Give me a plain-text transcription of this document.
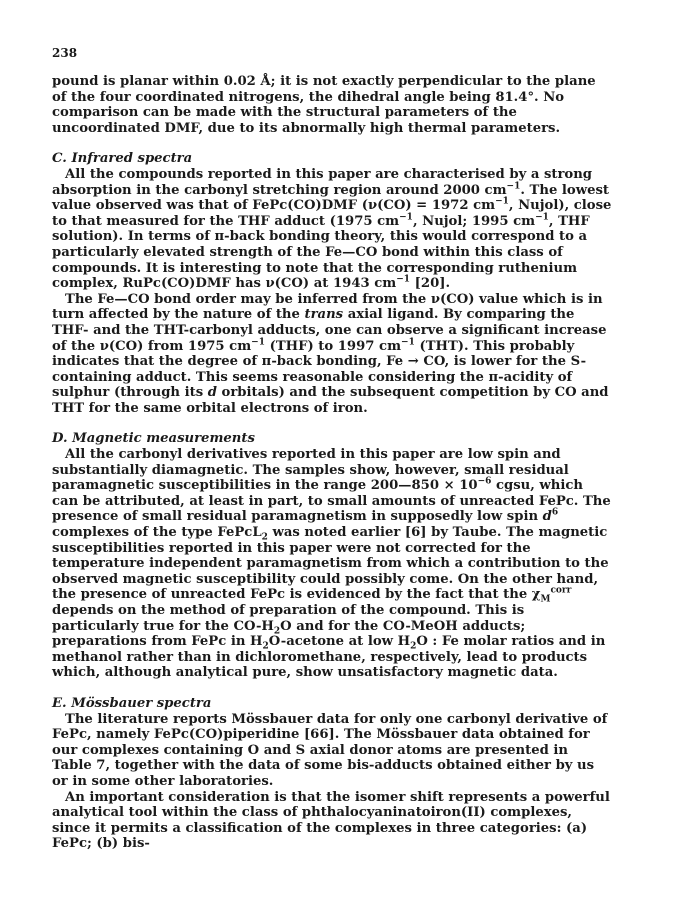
238

pound is planar within 0.02 Å; it is not exactly perpendicular to the plane of the four coordinated nitrogens, the dihedral angle being 81.4°. No comparison can be made with the structural parameters of the uncoordinated DMF, due to its abnormally high thermal parameters.

C. Infrared spectra

All the compounds reported in this paper are characterised by a strong absorption in the carbonyl stretching region around 2000 $cm^{-1}$. The lowest value observed was that of FePc(CO)DMF (ν(CO) = 1972 $cm^{-1}$, Nujol), close to that measured for the THF adduct (1975 $cm^{-1}$, Nujol; 1995 $cm^{-1}$, THF solution). In terms of π-back bonding theory, this would correspond to a particularly elevated strength of the Fe—CO bond within this class of compounds. It is interesting to note that the corresponding ruthenium complex, RuPc(CO)DMF has ν(CO) at 1943 $cm^{-1}$ [20].

The Fe—CO bond order may be inferred from the ν(CO) value which is in turn affected by the nature of the trans axial ligand. By comparing the THF- and the THT-carbonyl adducts, one can observe a significant increase of the ν(CO) from 1975 $cm^{-1}$ (THF) to 1997 $cm^{-1}$ (THT). This probably indicates that the degree of π-back bonding, Fe → CO, is lower for the S-containing adduct. This seems reasonable considering the π-acidity of sulphur (through its d orbitals) and the subsequent competition by CO and THT for the same orbital electrons of iron.

D. Magnetic measurements

All the carbonyl derivatives reported in this paper are low spin and substantially diamagnetic. The samples show, however, small residual paramagnetic susceptibilities in the range 200—850 × $10^{-6}$ cgsu, which can be attributed, at least in part, to small amounts of unreacted FePc. The presence of small residual paramagnetism in supposedly low spin $d^6$ complexes of the type FePcL$_2$ was noted earlier [6] by Taube. The magnetic susceptibilities reported in this paper were not corrected for the temperature independent paramagnetism from which a contribution to the observed magnetic susceptibility could possibly come. On the other hand, the presence of unreacted FePc is evidenced by the fact that the $\chi_M^{corr}$ depends on the method of preparation of the compound. This is particularly true for the $CO-H_2O$ and for the CO-MeOH adducts; preparations from FePc in $H_2O$-acetone at low $H_2O$ : Fe molar ratios and in methanol rather than in dichloromethane, respectively, lead to products which, although analytical pure, show unsatisfactory magnetic data.

E. Mössbauer spectra

The literature reports Mössbauer data for only one carbonyl derivative of FePc, namely FePc(CO)piperidine [66]. The Mössbauer data obtained for our complexes containing O and S axial donor atoms are presented in Table 7, together with the data of some bis-adducts obtained either by us or in some other laboratories.

An important consideration is that the isomer shift represents a powerful analytical tool within the class of phthalocyaninatoiron(II) complexes, since it permits a classification of the complexes in three categories: (a) FePc; (b) bis-
